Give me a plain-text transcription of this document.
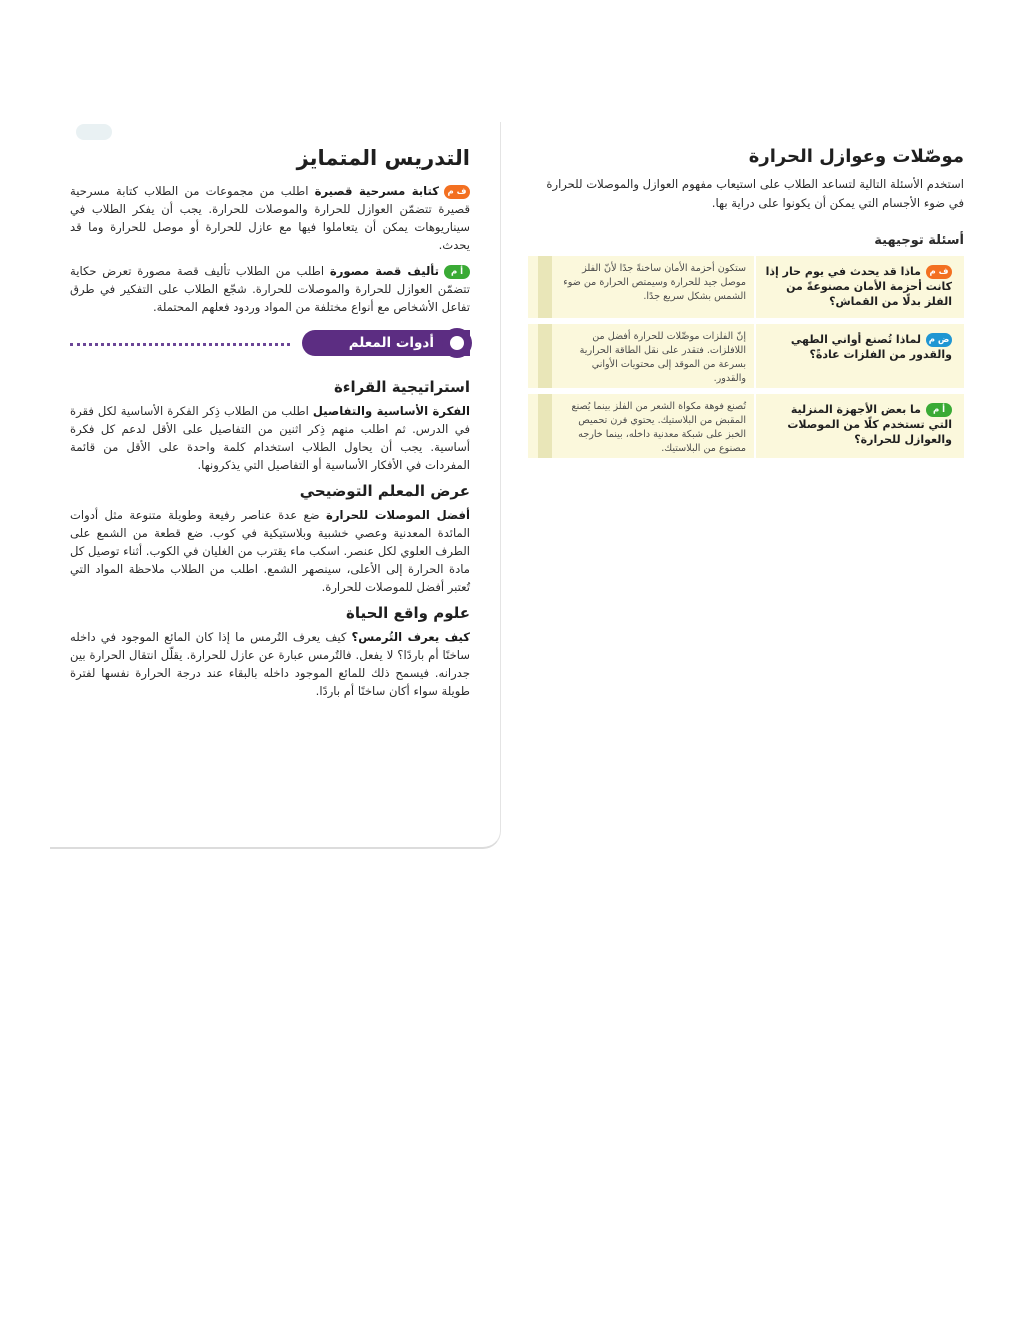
التدريس المتمايز

ف مكتابة مسرحية قصيرة اطلب من مجموعات من الطلاب كتابة مسرحية قصيرة تتضمّن العوازل للحرارة والموصلات للحرارة. يجب أن يفكر الطلاب في سيناريوهات يمكن أن يتعاملوا فيها مع عازل للحرارة أو موصل للحرارة وما قد يحدث.

أ متأليف قصة مصورة اطلب من الطلاب تأليف قصة مصورة تعرض حكاية تتضمّن العوازل للحرارة والموصلات للحرارة. شجّع الطلاب على التفكير في طرق تفاعل الأشخاص مع أنواع مختلفة من المواد وردود فعلهم المحتملة.

أدوات المعلم
استراتيجية القراءة

الفكرة الأساسية والتفاصيل اطلب من الطلاب ذِكر الفكرة الأساسية لكل فقرة في الدرس. ثم اطلب منهم ذِكر اثنين من التفاصيل على الأقل لدعم كل فكرة أساسية. يجب أن يحاول الطلاب استخدام كلمة واحدة على الأقل من قائمة المفردات في الأفكار الأساسية أو التفاصيل التي يذكرونها.

عرض المعلم التوضيحي

أفضل الموصلات للحرارة ضع عدة عناصر رفيعة وطويلة متنوعة مثل أدوات المائدة المعدنية وعصي خشبية وبلاستيكية في كوب. ضع قطعة من الشمع على الطرف العلوي لكل عنصر. اسكب ماء يقترب من الغليان في الكوب. أثناء توصيل كل مادة الحرارة إلى الأعلى، سينصهر الشمع. اطلب من الطلاب ملاحظة المواد التي تُعتبر أفضل للموصلات للحرارة.

علوم واقع الحياة

كيف يعرف التُرمس؟ كيف يعرف التُرمس ما إذا كان المائع الموجود في داخله ساخنًا أم باردًا؟ لا يفعل. فالتُرمس عبارة عن عازل للحرارة. يقلّل انتقال الحرارة بين جدرانه. فيسمح ذلك للمائع الموجود داخله بالبقاء عند درجة الحرارة نفسها لفترة طويلة سواء أكان ساخنًا أم باردًا.

موصّلات وعوازل الحرارة

استخدم الأسئلة التالية لتساعد الطلاب على استيعاب مفهوم العوازل والموصلات للحرارة في ضوء الأجسام التي يمكن أن يكونوا على دراية بها.

أسئلة توجيهية
ف مماذا قد يحدث في يوم حار إذا كانت أحزمة الأمان مصنوعةً من الفلز بدلًا من القماش؟
ستكون أحزمة الأمان ساخنةً جدًا لأنّ الفلز موصل جيد للحرارة وسيمتص الحرارة من ضوء الشمس بشكل سريع جدًا.
ض ملماذا تُصنع أواني الطهي والقدور من الفلزات عادةً؟
إنّ الفلزات موصِّلات للحرارة أفضل من اللافلزات. فتقدر على نقل الطاقة الحرارية بسرعة من الموقد إلى محتويات الأواني والقدور.
أ مما بعض الأجهزة المنزلية التي تستخدم كلًا من الموصلات والعوازل للحرارة؟
تُصنع فوهة مكواة الشعر من الفلز بينما يُصنع المقبض من البلاستيك. يحتوي فرن تحميص الخبز على شبكة معدنية داخله، بينما خارجه مصنوع من البلاستيك.
